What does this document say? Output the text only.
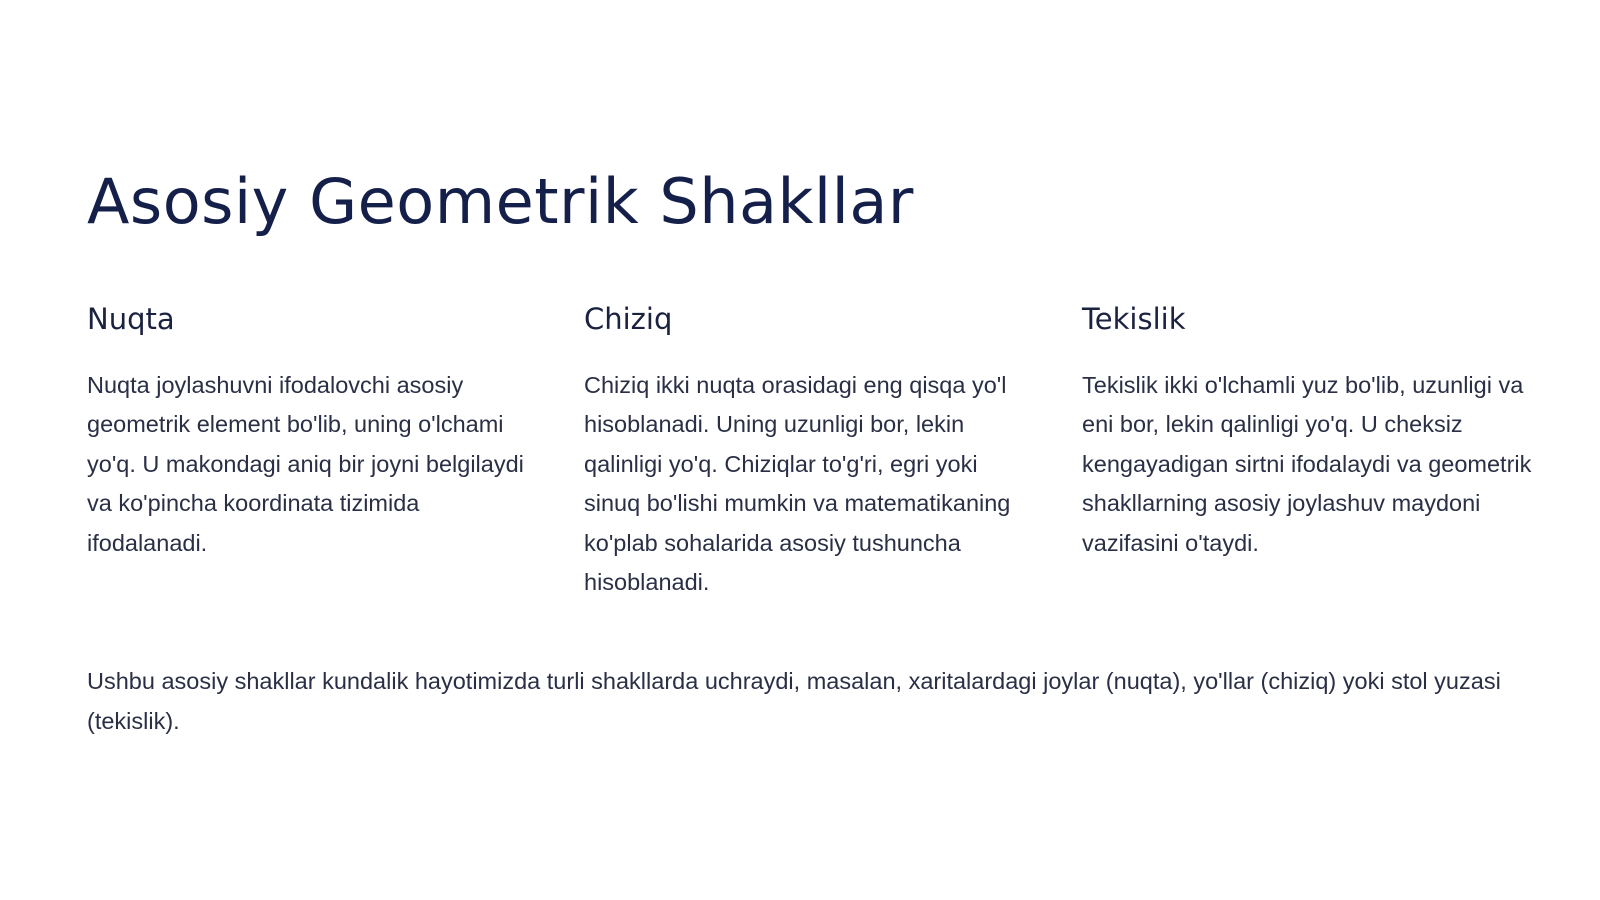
Asosiy Geometrik Shakllar
Nuqta

Nuqta joylashuvni ifodalovchi asosiy geometrik element bo'lib, uning o'lchami yo'q. U makondagi aniq bir joyni belgilaydi va ko'pincha koordinata tizimida ifodalanadi.

Chiziq

Chiziq ikki nuqta orasidagi eng qisqa yo'l hisoblanadi. Uning uzunligi bor, lekin qalinligi yo'q. Chiziqlar to'g'ri, egri yoki sinuq bo'lishi mumkin va matematikaning ko'plab sohalarida asosiy tushuncha hisoblanadi.

Tekislik

Tekislik ikki o'lchamli yuz bo'lib, uzunligi va eni bor, lekin qalinligi yo'q. U cheksiz kengayadigan sirtni ifodalaydi va geometrik shakllarning asosiy joylashuv maydoni vazifasini o'taydi.

Ushbu asosiy shakllar kundalik hayotimizda turli shakllarda uchraydi, masalan, xaritalardagi joylar (nuqta), yo'llar (chiziq) yoki stol yuzasi (tekislik).
